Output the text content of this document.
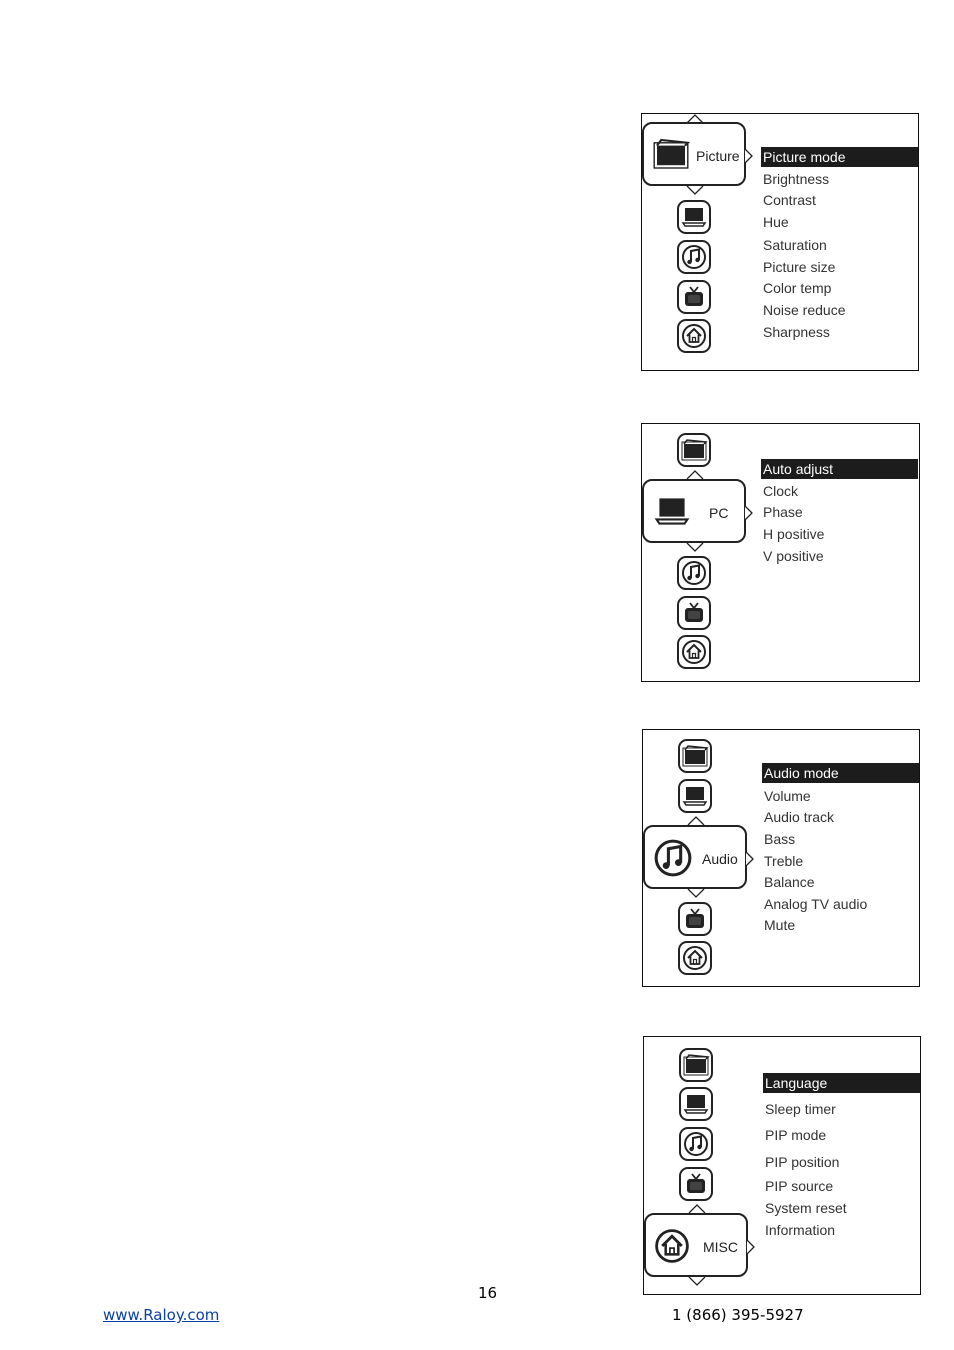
Picture Picture mode
Brightness
Contrast
Hue
Saturation
Picture size
Color temp
Noise reduce
Sharpness
PC
Auto adjust
Clock
Phase
H positive
V positive
Audio
Audio mode
Volume
Audio track
Bass
Treble
Balance
Analog TV audio
Mute
MISC
Language
Sleep timer
PIP mode
PIP position
PIP source
System reset
Information
16
www.Raloy.com	1 (866) 395-5927
